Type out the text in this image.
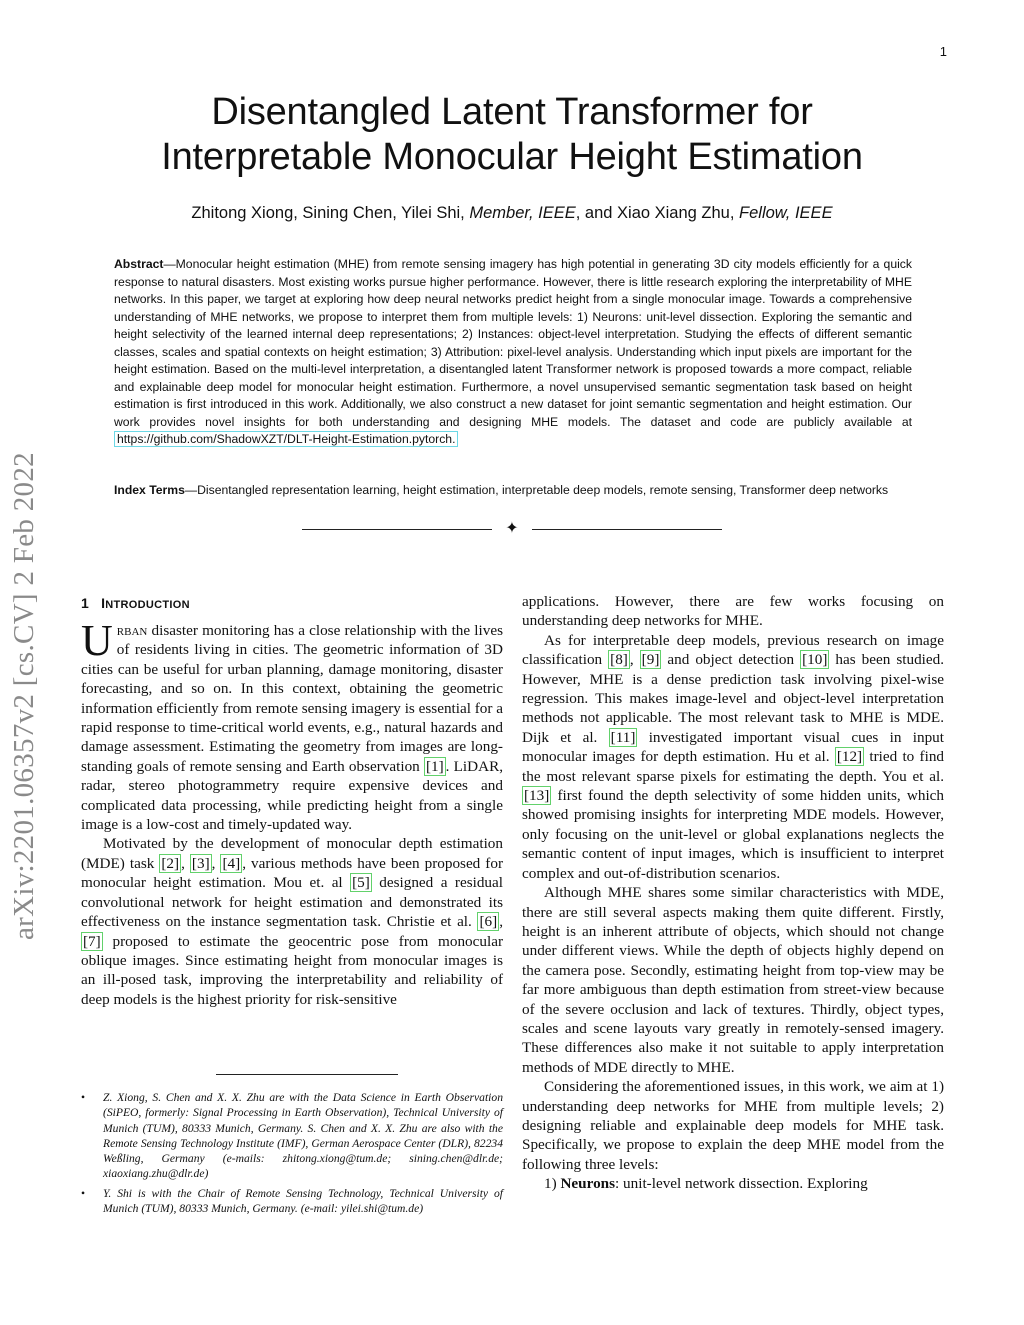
1
Disentangled Latent Transformer for
Interpretable Monocular Height Estimation
Zhitong Xiong, Sining Chen, Yilei Shi, Member, IEEE, and Xiao Xiang Zhu, Fellow, IEEE
Abstract—Monocular height estimation (MHE) from remote sensing imagery has high potential in generating 3D city models efficiently for a quick response to natural disasters. Most existing works pursue higher performance. However, there is little research exploring the interpretability of MHE networks. In this paper, we target at exploring how deep neural networks predict height from a single monocular image. Towards a comprehensive understanding of MHE networks, we propose to interpret them from multiple levels: 1) Neurons: unit-level dissection. Exploring the semantic and height selectivity of the learned internal deep representations; 2) Instances: object-level interpretation. Studying the effects of different semantic classes, scales and spatial contexts on height estimation; 3) Attribution: pixel-level analysis. Understanding which input pixels are important for the height estimation. Based on the multi-level interpretation, a disentangled latent Transformer network is proposed towards a more compact, reliable and explainable deep model for monocular height estimation. Furthermore, a novel unsupervised semantic segmentation task based on height estimation is first introduced in this work. Additionally, we also construct a new dataset for joint semantic segmentation and height estimation. Our work provides novel insights for both understanding and designing MHE models. The dataset and code are publicly available at https://github.com/ShadowXZT/DLT-Height-Estimation.pytorch.
Index Terms—Disentangled representation learning, height estimation, interpretable deep models, remote sensing, Transformer deep networks
✦
arXiv:2201.06357v2 [cs.CV] 2 Feb 2022	1 INTRODUCTION

Urban disaster monitoring has a close relationship with the lives of residents living in cities. The geometric information of 3D cities can be useful for urban planning, damage monitoring, disaster forecasting, and so on. In this context, obtaining the geometric information efficiently from remote sensing imagery is essential for a rapid response to time-critical world events, e.g., natural hazards and damage assessment. Estimating the geometry from images are long-standing goals of remote sensing and Earth observation [1] . LiDAR, radar, stereo photogrammetry require expensive devices and complicated data processing, while predicting height from a single image is a low-cost and timely-updated way.

Motivated by the development of monocular depth estimation (MDE) task [2] , [3] , [4] , various methods have been proposed for monocular height estimation. Mou et. al [5] designed a residual convolutional network for height estimation and demonstrated its effectiveness on the instance segmentation task. Christie et al. [6] , [7] proposed to estimate the geocentric pose from monocular oblique images. Since estimating height from monocular images is an ill-posed task, improving the interpretability and reliability of deep models is the highest priority for risk-sensitive

• Z. Xiong, S. Chen and X. X. Zhu are with the Data Science in Earth Observation (SiPEO, formerly: Signal Processing in Earth Observation), Technical University of Munich (TUM), 80333 Munich, Germany. S. Chen and X. X. Zhu are also with the Remote Sensing Technology Institute (IMF), German Aerospace Center (DLR), 82234 Weßling, Germany (e-mails: zhitong.xiong@tum.de; sining.chen@dlr.de; xiaoxiang.zhu@dlr.de)
• Y. Shi is with the Chair of Remote Sensing Technology, Technical University of Munich (TUM), 80333 Munich, Germany. (e-mail: yilei.shi@tum.de)

applications. However, there are few works focusing on understanding deep networks for MHE.

As for interpretable deep models, previous research on image classification [8] , [9] and object detection [10] has been studied. However, MHE is a dense prediction task involving pixel-wise regression. This makes image-level and object-level interpretation methods not applicable. The most relevant task to MHE is MDE. Dijk et al. [11] investigated important visual cues in input monocular images for depth estimation. Hu et al. [12] tried to find the most relevant sparse pixels for estimating the depth. You et al. [13] first found the depth selectivity of some hidden units, which showed promising insights for interpreting MDE models. However, only focusing on the unit-level or global explanations neglects the semantic content of input images, which is insufficient to interpret complex and out-of-distribution scenarios.

Although MHE shares some similar characteristics with MDE, there are still several aspects making them quite different. Firstly, height is an inherent attribute of objects, which should not change under different views. While the depth of objects highly depend on the camera pose. Secondly, estimating height from top-view may be far more ambiguous than depth estimation from street-view because of the severe occlusion and lack of textures. Thirdly, object types, scales and scene layouts vary greatly in remotely-sensed imagery. These differences also make it not suitable to apply interpretation methods of MDE directly to MHE.

Considering the aforementioned issues, in this work, we aim at 1) understanding deep networks for MHE from multiple levels; 2) designing reliable and explainable deep models for MHE task. Specifically, we propose to explain the deep MHE model from the following three levels:

1) Neurons: unit-level network dissection. Exploring
